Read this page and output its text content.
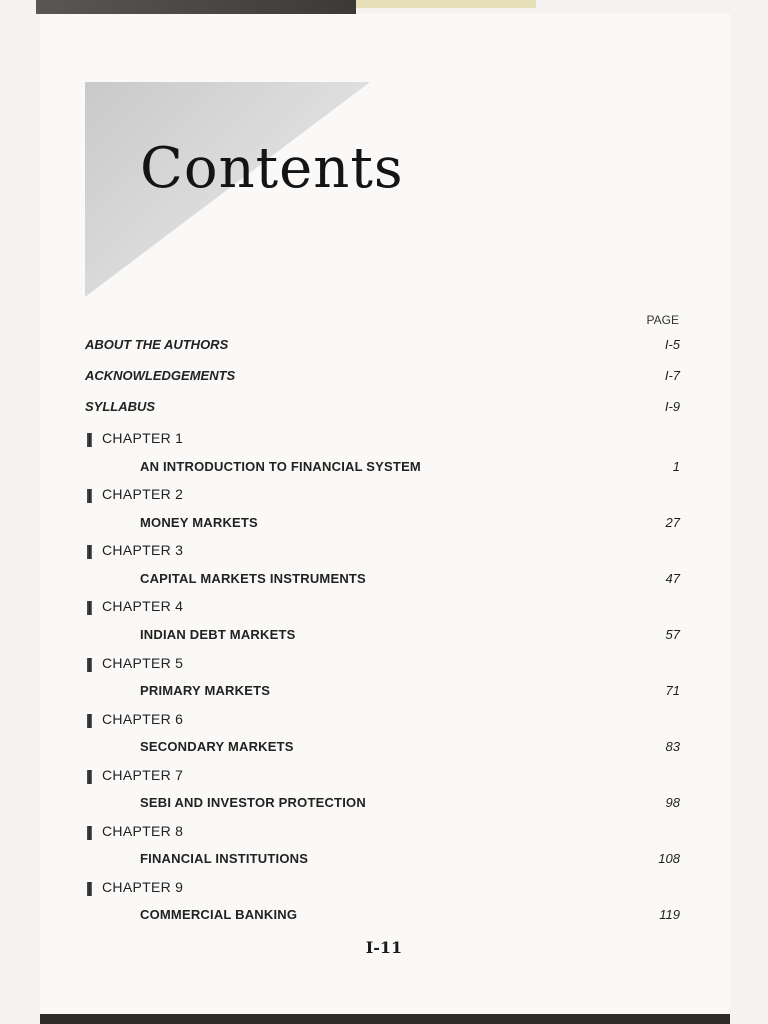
Contents
PAGE
ABOUT THE AUTHORS	I-5
ACKNOWLEDGEMENTS	I-7
SYLLABUS	I-9
CHAPTER 1
AN INTRODUCTION TO FINANCIAL SYSTEM	1
CHAPTER 2
MONEY MARKETS	27
CHAPTER 3
CAPITAL MARKETS INSTRUMENTS	47
CHAPTER 4
INDIAN DEBT MARKETS	57
CHAPTER 5
PRIMARY MARKETS	71
CHAPTER 6
SECONDARY MARKETS	83
CHAPTER 7
SEBI AND INVESTOR PROTECTION	98
CHAPTER 8
FINANCIAL INSTITUTIONS	108
CHAPTER 9
COMMERCIAL BANKING	119
I-11
